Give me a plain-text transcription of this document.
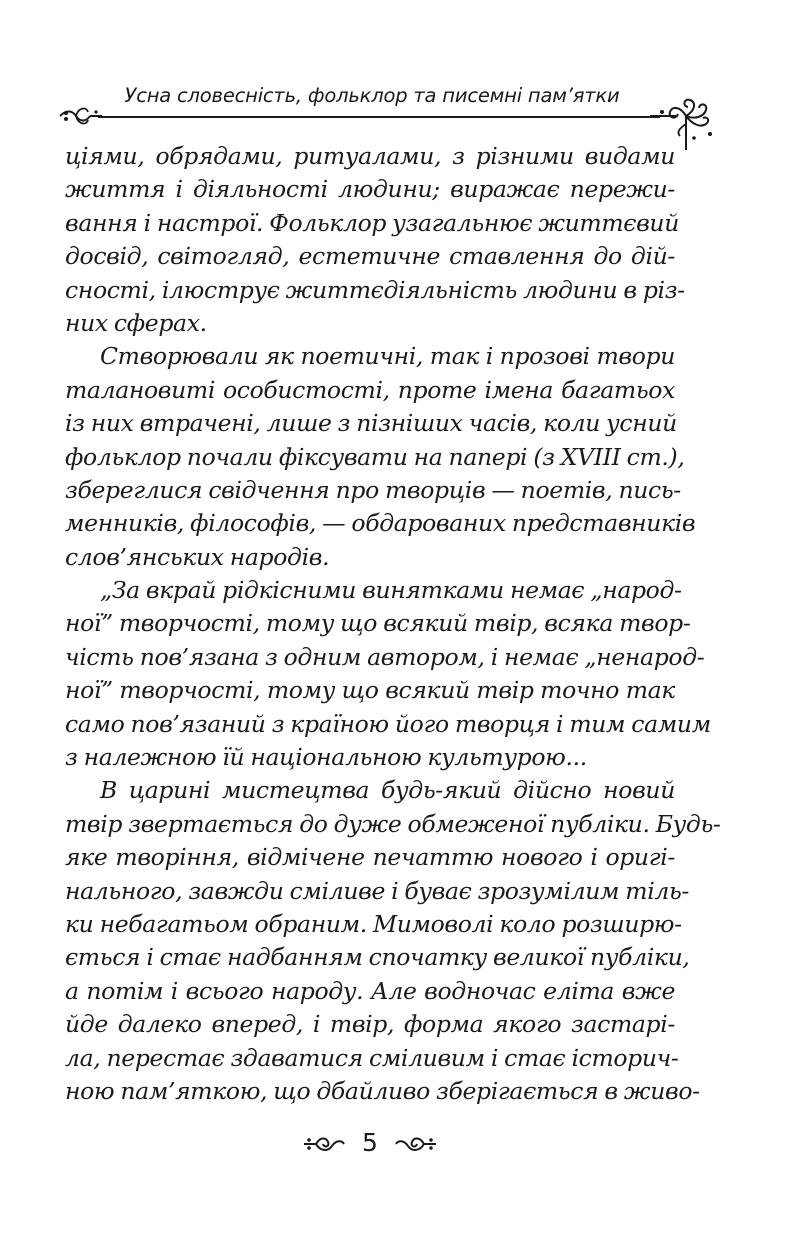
Усна словесність, фольклор та писемні пам’ятки
ціями, обрядами, ритуалами, з різними видами
життя і діяльності людини; виражає пережи-
вання і настрої. Фольклор узагальнює життєвий
досвід, світогляд, естетичне ставлення до дій-
сності, ілюструє життєдіяльність людини в різ-
них сферах.
Створювали як поетичні, так і прозові твори
талановиті особистості, проте імена багатьох
із них втрачені, лише з пізніших часів, коли усний
фольклор почали фіксувати на папері (з XVIII ст.),
збереглися свідчення про творців — поетів, пись-
менників, філософів, — обдарованих представників
слов’янських народів.
„За вкрай рідкісними винятками немає „народ-
ної” творчості, тому що всякий твір, всяка твор-
чість пов’язана з одним автором, і немає „ненарод-
ної” творчості, тому що всякий твір точно так
само пов’язаний з країною його творця і тим самим
з належною їй національною культурою...
В царині мистецтва будь-який дійсно новий
твір звертається до дуже обмеженої публіки. Будь-
яке творіння, відмічене печаттю нового і оригі-
нального, завжди сміливе і буває зрозумілим тіль-
ки небагатьом обраним. Мимоволі коло розширю-
ється і стає надбанням спочатку великої публіки,
а потім і всього народу. Але водночас еліта вже
йде далеко вперед, і твір, форма якого застарі-
ла, перестає здаватися сміливим і стає історич-
ною пам’яткою, що дбайливо зберігається в живо-
5
